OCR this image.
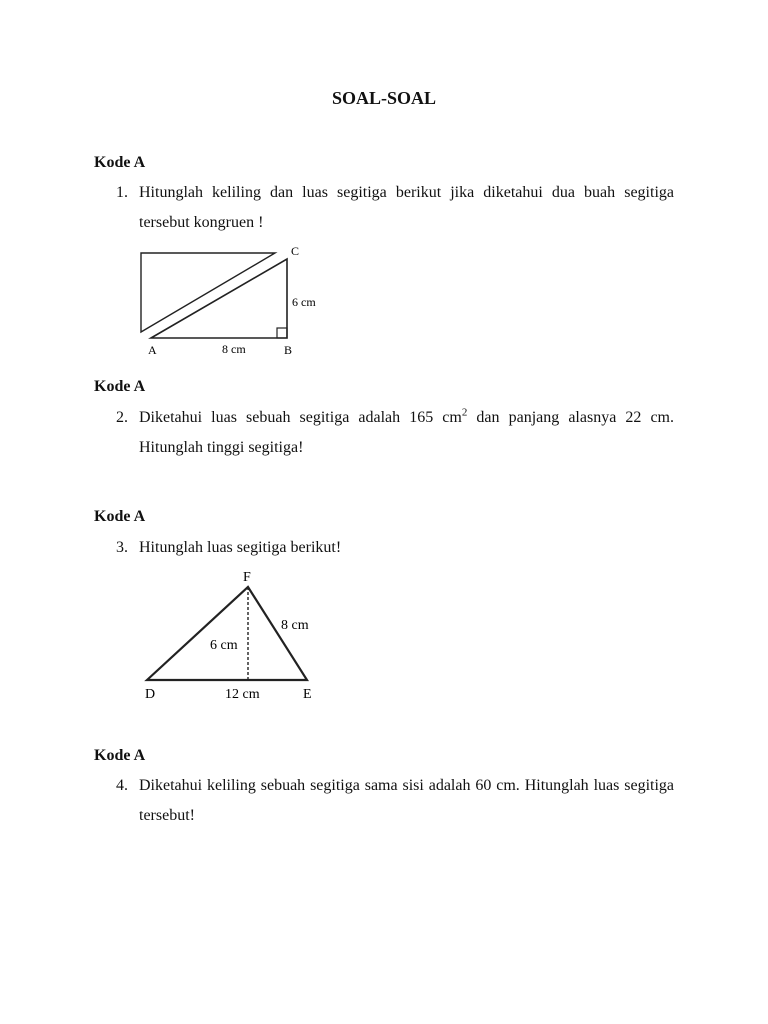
SOAL-SOAL
Kode A
1. Hitunglah keliling dan luas segitiga berikut jika diketahui dua buah segitiga tersebut kongruen !
C
6 cm
A	8 cm	B
Kode A
2. Diketahui luas sebuah segitiga adalah 165 $cm^2$ dan panjang alasnya 22 cm. Hitunglah tinggi segitiga!
Kode A
3. Hitunglah luas segitiga berikut!
F
8 cm
6 cm
D	12 cm	E
Kode A
4. Diketahui keliling sebuah segitiga sama sisi adalah 60 cm. Hitunglah luas segitiga tersebut!
